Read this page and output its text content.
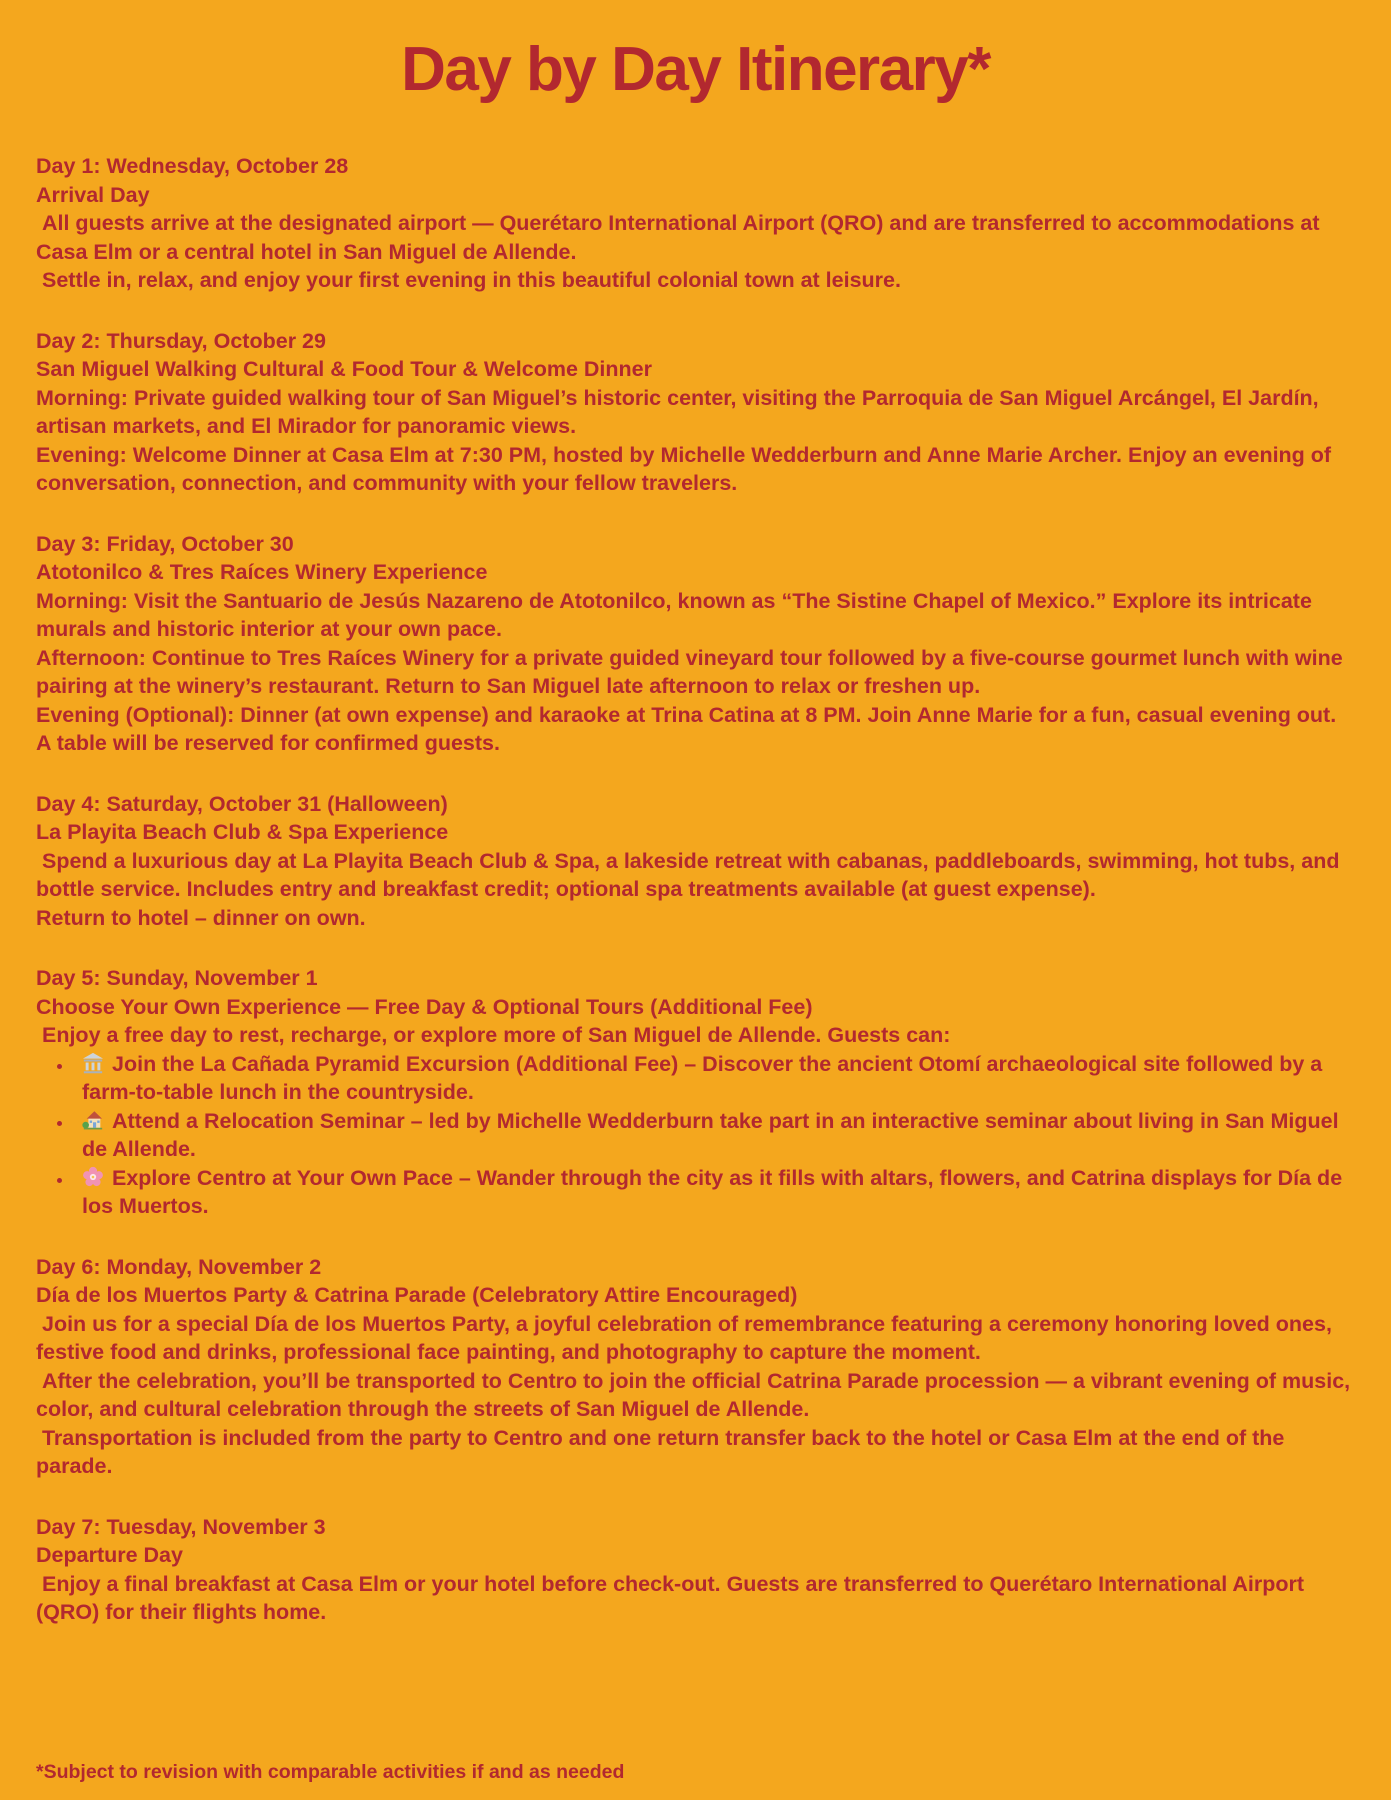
Day by Day Itinerary*

Day 1: Wednesday, October 28

Arrival Day

All guests arrive at the designated airport — Querétaro International Airport (QRO) and are transferred to accommodations at Casa Elm or a central hotel in San Miguel de Allende.

Settle in, relax, and enjoy your first evening in this beautiful colonial town at leisure.

Day 2: Thursday, October 29

San Miguel Walking Cultural & Food Tour & Welcome Dinner

Morning: Private guided walking tour of San Miguel’s historic center, visiting the Parroquia de San Miguel Arcángel, El Jardín, artisan markets, and El Mirador for panoramic views.

Evening: Welcome Dinner at Casa Elm at 7:30 PM, hosted by Michelle Wedderburn and Anne Marie Archer. Enjoy an evening of conversation, connection, and community with your fellow travelers.

Day 3: Friday, October 30

Atotonilco & Tres Raíces Winery Experience

Morning: Visit the Santuario de Jesús Nazareno de Atotonilco, known as “The Sistine Chapel of Mexico.” Explore its intricate murals and historic interior at your own pace.

Afternoon: Continue to Tres Raíces Winery for a private guided vineyard tour followed by a five-course gourmet lunch with wine pairing at the winery’s restaurant. Return to San Miguel late afternoon to relax or freshen up.

Evening (Optional): Dinner (at own expense) and karaoke at Trina Catina at 8 PM. Join Anne Marie for a fun, casual evening out. A table will be reserved for confirmed guests.

Day 4: Saturday, October 31 (Halloween)

La Playita Beach Club & Spa Experience

Spend a luxurious day at La Playita Beach Club & Spa, a lakeside retreat with cabanas, paddleboards, swimming, hot tubs, and bottle service. Includes entry and breakfast credit; optional spa treatments available (at guest expense).

Return to hotel – dinner on own.

Day 5: Sunday, November 1

Choose Your Own Experience — Free Day & Optional Tours (Additional Fee)

Enjoy a free day to rest, recharge, or explore more of San Miguel de Allende. Guests can:

• Join the La Cañada Pyramid Excursion (Additional Fee) – Discover the ancient Otomí archaeological site followed by a farm-to-table lunch in the countryside.
• Attend a Relocation Seminar – led by Michelle Wedderburn take part in an interactive seminar about living in San Miguel de Allende.
• Explore Centro at Your Own Pace – Wander through the city as it fills with altars, flowers, and Catrina displays for Día de los Muertos.

Day 6: Monday, November 2

Día de los Muertos Party & Catrina Parade (Celebratory Attire Encouraged)

Join us for a special Día de los Muertos Party, a joyful celebration of remembrance featuring a ceremony honoring loved ones, festive food and drinks, professional face painting, and photography to capture the moment.

After the celebration, you’ll be transported to Centro to join the official Catrina Parade procession — a vibrant evening of music, color, and cultural celebration through the streets of San Miguel de Allende.

Transportation is included from the party to Centro and one return transfer back to the hotel or Casa Elm at the end of the parade.

Day 7: Tuesday, November 3

Departure Day

Enjoy a final breakfast at Casa Elm or your hotel before check-out. Guests are transferred to Querétaro International Airport (QRO) for their flights home.

*Subject to revision with comparable activities if and as needed
